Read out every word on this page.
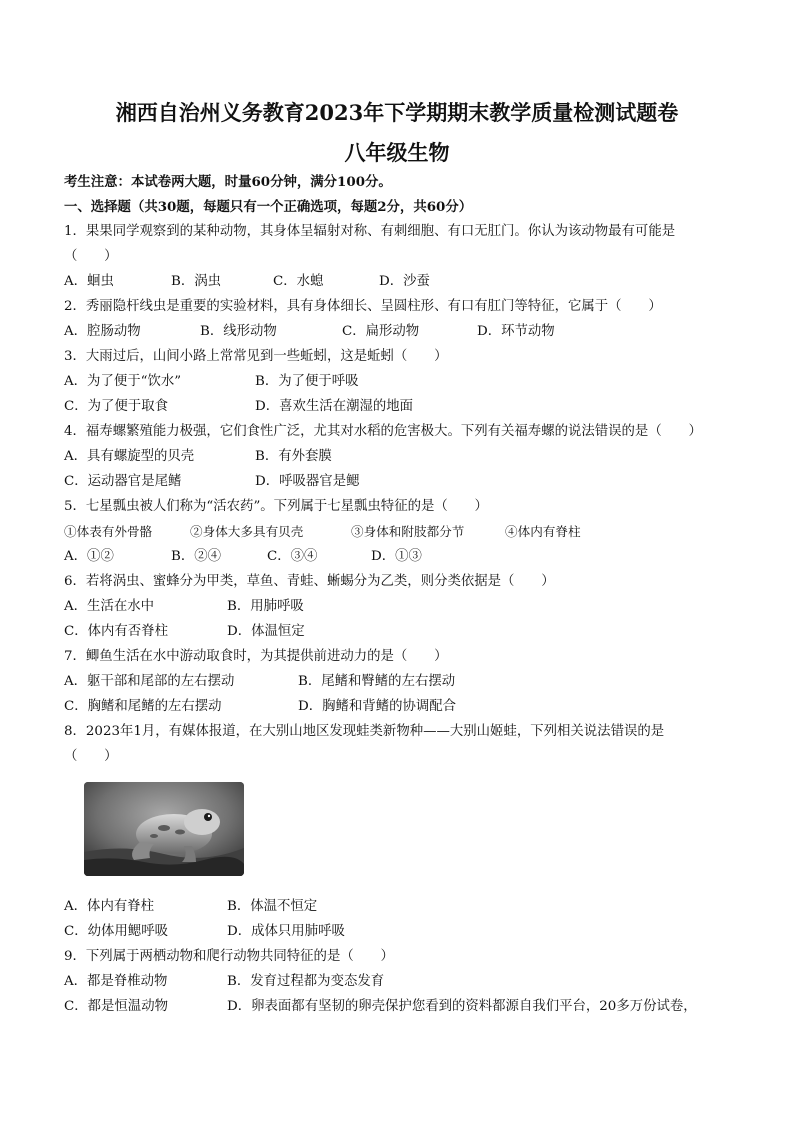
湘西自治州义务教育2023年下学期期末教学质量检测试题卷
八年级生物
考生注意：本试卷两大题，时量60分钟，满分100分。
一、选择题（共30题，每题只有一个正确选项，每题2分，共60分）
1．果果同学观察到的某种动物，其身体呈辐射对称、有刺细胞、有口无肛门。你认为该动物最有可能是
（　　）
A．蛔虫	B．涡虫	C．水螅	D．沙蚕
2．秀丽隐杆线虫是重要的实验材料，具有身体细长、呈圆柱形、有口有肛门等特征，它属于（　　）
A．腔肠动物	B．线形动物	C．扁形动物	D．环节动物
3．大雨过后，山间小路上常常见到一些蚯蚓，这是蚯蚓（　　）
A．为了便于“饮水”	B．为了便于呼吸
C．为了便于取食	D．喜欢生活在潮湿的地面
4．福寿螺繁殖能力极强，它们食性广泛，尤其对水稻的危害极大。下列有关福寿螺的说法错误的是（　　）
A．具有螺旋型的贝壳	B．有外套膜
C．运动器官是尾鳍	D．呼吸器官是鳃
5．七星瓢虫被人们称为“活农药”。下列属于七星瓢虫特征的是（　　）
①体表有外骨骼	②身体大多具有贝壳	③身体和附肢都分节	④体内有脊柱
A．①②	B．②④	C．③④	D．①③
6．若将涡虫、蜜蜂分为甲类，草鱼、青蛙、蜥蜴分为乙类，则分类依据是（　　）
A．生活在水中	B．用肺呼吸
C．体内有否脊柱	D．体温恒定
7．鲫鱼生活在水中游动取食时，为其提供前进动力的是（　　）
A．躯干部和尾部的左右摆动	B．尾鳍和臀鳍的左右摆动
C．胸鳍和尾鳍的左右摆动	D．胸鳍和背鳍的协调配合
8．2023年1月，有媒体报道，在大别山地区发现蛙类新物种——大别山姬蛙，下列相关说法错误的是
（　　）
A．体内有脊柱	B．体温不恒定
C．幼体用鳃呼吸	D．成体只用肺呼吸
9．下列属于两栖动物和爬行动物共同特征的是（　　）
A．都是脊椎动物	B．发育过程都为变态发育
C．都是恒温动物	D．卵表面都有坚韧的卵壳保护您看到的资料都源自我们平台，20多万份试卷，
